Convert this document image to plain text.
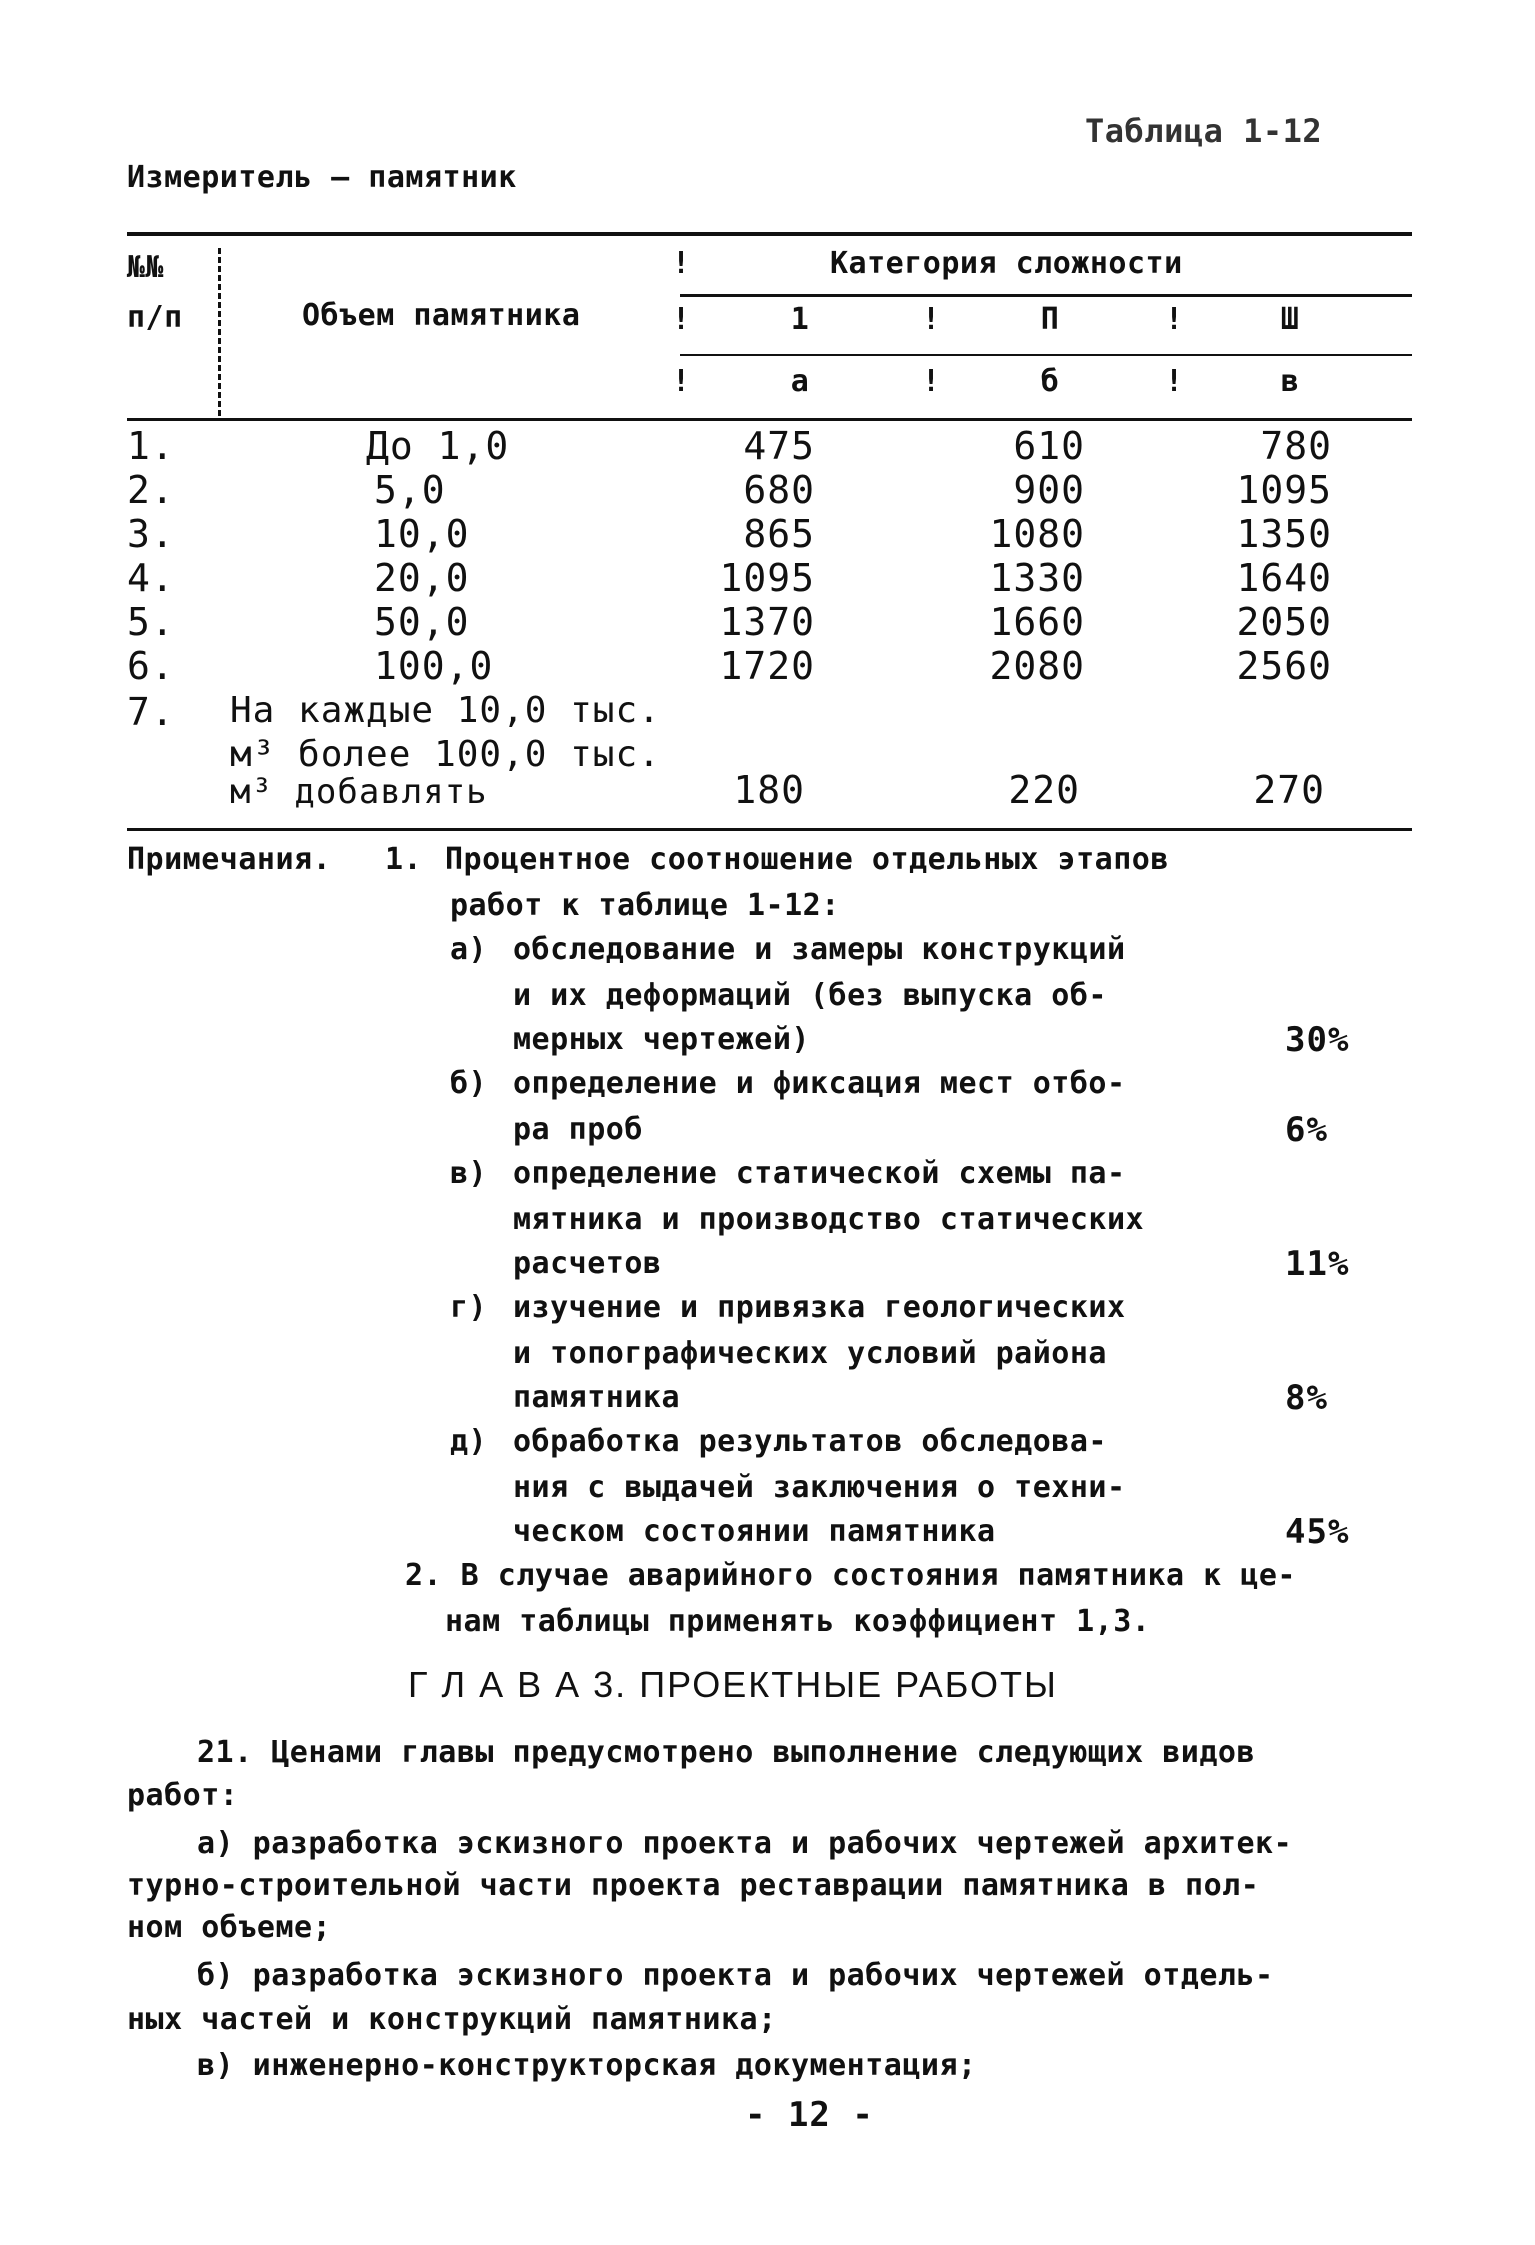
Таблица 1-12
Измеритель – памятник
№№
п/п	Объем памятника
Категория сложности
!
!
!
!
!
!
!
1	П	Ш
а	б	в
1.	До 1,0	475	610	780
2.	5,0	680	900	1095
3.	10,0	865	1080	1350
4.	20,0	1095	1330	1640
5.	50,0	1370	1660	2050
6.	100,0	1720	2080	2560
7. На каждые 10,0 тыс.
м³ более 100,0 тыс.
м³ добавлять	180	220	270
Примечания. 1. Процентное соотношение отдельных этапов
работ к таблице 1-12:
а) обследование и замеры конструкций
и их деформаций (без выпуска об-
мерных чертежей)	30%
б) определение и фиксация мест отбо-
ра проб	6%
в) определение статической схемы па-
мятника и производство статических
расчетов	11%
г) изучение и привязка геологических
и топографических условий района
памятника	8%
д) обработка результатов обследова-
ния с выдачей заключения о техни-
ческом состоянии памятника	45%
2. В случае аварийного состояния памятника к це-
нам таблицы применять коэффициент 1,3.
Г Л А В А 3. ПРОЕКТНЫЕ РАБОТЫ
21. Ценами главы предусмотрено выполнение следующих видов
работ:
а) разработка эскизного проекта и рабочих чертежей архитек-
турно-строительной части проекта реставрации памятника в пол-
ном объеме;
б) разработка эскизного проекта и рабочих чертежей отдель-
ных частей и конструкций памятника;
в) инженерно-конструкторская документация;
- 12 -
